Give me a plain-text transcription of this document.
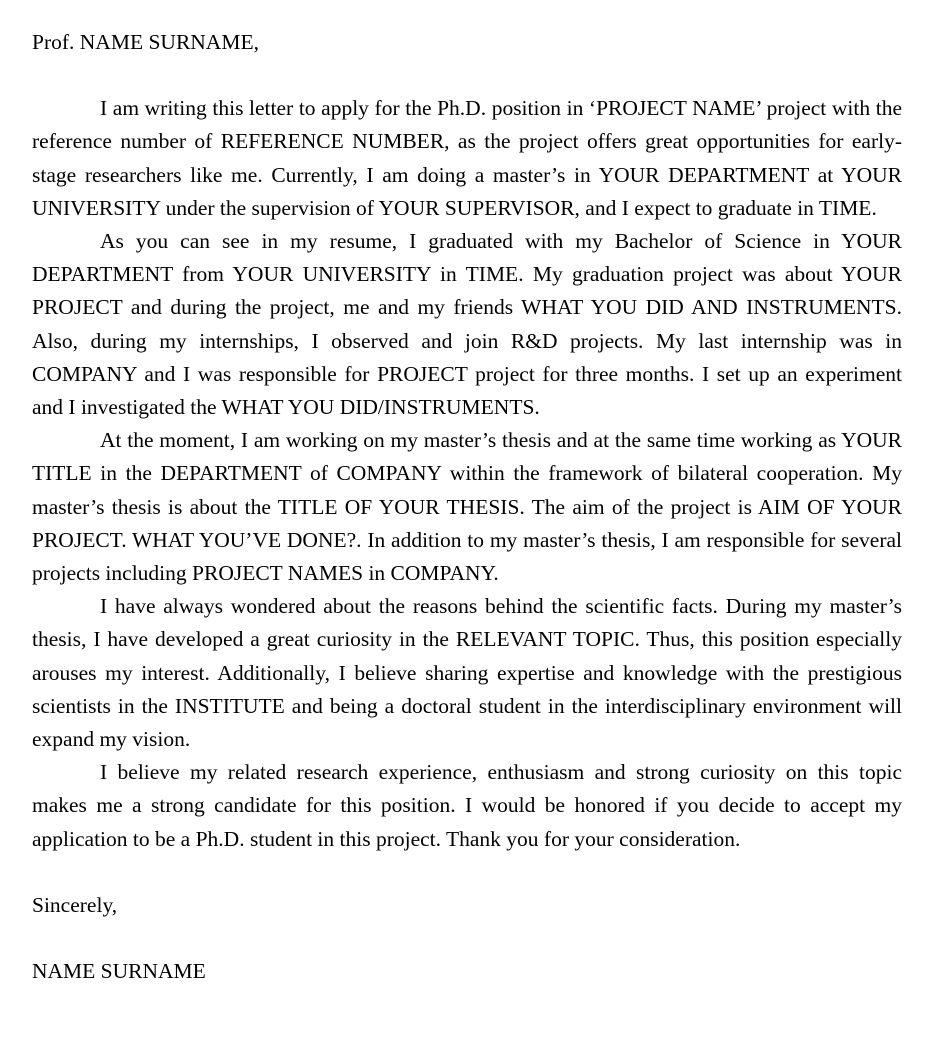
Prof. NAME SURNAME,

I am writing this letter to apply for the Ph.D. position in ‘PROJECT NAME’ project with the reference number of REFERENCE NUMBER, as the project offers great opportunities for early-stage researchers like me. Currently, I am doing a master’s in YOUR DEPARTMENT at YOUR UNIVERSITY under the supervision of YOUR SUPERVISOR, and I expect to graduate in TIME.

As you can see in my resume, I graduated with my Bachelor of Science in YOUR DEPARTMENT from YOUR UNIVERSITY in TIME. My graduation project was about YOUR PROJECT and during the project, me and my friends WHAT YOU DID AND INSTRUMENTS. Also, during my internships, I observed and join R&D projects. My last internship was in COMPANY and I was responsible for PROJECT project for three months. I set up an experiment and I investigated the WHAT YOU DID/INSTRUMENTS.

At the moment, I am working on my master’s thesis and at the same time working as YOUR TITLE in the DEPARTMENT of COMPANY within the framework of bilateral cooperation. My master’s thesis is about the TITLE OF YOUR THESIS. The aim of the project is AIM OF YOUR PROJECT. WHAT YOU’VE DONE?. In addition to my master’s thesis, I am responsible for several projects including PROJECT NAMES in COMPANY.

I have always wondered about the reasons behind the scientific facts. During my master’s thesis, I have developed a great curiosity in the RELEVANT TOPIC. Thus, this position especially arouses my interest. Additionally, I believe sharing expertise and knowledge with the prestigious scientists in the INSTITUTE and being a doctoral student in the interdisciplinary environment will expand my vision.

I believe my related research experience, enthusiasm and strong curiosity on this topic makes me a strong candidate for this position. I would be honored if you decide to accept my application to be a Ph.D. student in this project. Thank you for your consideration.

Sincerely,

NAME SURNAME
